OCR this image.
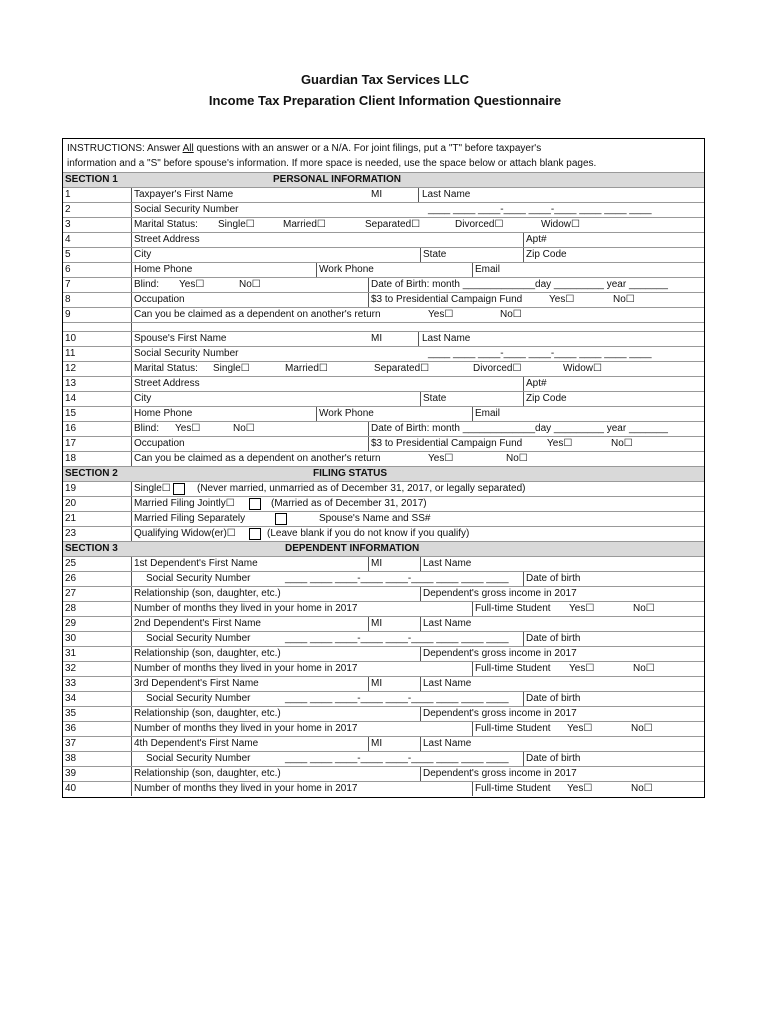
Guardian Tax Services LLC
Income Tax Preparation Client Information Questionnaire
INSTRUCTIONS: Answer All questions with an answer or a N/A. For joint filings, put a "T" before taxpayer's
information and a "S" before spouse's information. If more space is needed, use the space below or attach blank pages.
SECTION 1	PERSONAL INFORMATION
1	Taxpayer's First Name	MI	Last Name
2	Social Security Number	____ ____ ____-____ ____-____ ____ ____ ____
3	Marital Status: Single☐	Married☐	Separated☐	Divorced☐	Widow☐
4	Street Address	Apt#
5	City	State	Zip Code
6	Home Phone	Work Phone	Email
7	Blind: Yes☐	No☐	Date of Birth: month _____________day _________ year _______
8	Occupation	$3 to Presidential Campaign Fund	Yes☐	No☐
9	Can you be claimed as a dependent on another's return	Yes☐	No☐
10	Spouse's First Name	MI	Last Name
11	Social Security Number	____ ____ ____-____ ____-____ ____ ____ ____
12	Marital Status: Single☐	Married☐	Separated☐	Divorced☐	Widow☐
13	Street Address	Apt#
14	City	State	Zip Code
15	Home Phone	Work Phone	Email
16	Blind: Yes☐	No☐	Date of Birth: month _____________day _________ year _______
17	Occupation	$3 to Presidential Campaign Fund Yes☐	No☐
18	Can you be claimed as a dependent on another's return	Yes☐	No☐
SECTION 2	FILING STATUS
19	Single☐	(Never married, unmarried as of December 31, 2017, or legally separated)
20	Married Filing Jointly☐	(Married as of December 31, 2017)
21	Married Filing Separately	Spouse's Name and SS#
23	Qualifying Widow(er)☐	(Leave blank if you do not know if you qualify)
SECTION 3	DEPENDENT INFORMATION
25	1st Dependent's First Name	MI	Last Name
26	Social Security Number	____ ____ ____-____ ____-____ ____ ____ ____ Date of birth
27	Relationship (son, daughter, etc.)	Dependent's gross income in 2017
28	Number of months they lived in your home in 2017	Full-time Student Yes☐	No☐
29	2nd Dependent's First Name	MI	Last Name
30	Social Security Number	____ ____ ____-____ ____-____ ____ ____ ____ Date of birth
31	Relationship (son, daughter, etc.)	Dependent's gross income in 2017
32	Number of months they lived in your home in 2017	Full-time Student Yes☐	No☐
33	3rd Dependent's First Name	MI	Last Name
34	Social Security Number	____ ____ ____-____ ____-____ ____ ____ ____ Date of birth
35	Relationship (son, daughter, etc.)	Dependent's gross income in 2017
36	Number of months they lived in your home in 2017	Full-time Student Yes☐	No☐
37	4th Dependent's First Name	MI	Last Name
38	Social Security Number	____ ____ ____-____ ____-____ ____ ____ ____ Date of birth
39	Relationship (son, daughter, etc.)	Dependent's gross income in 2017
40	Number of months they lived in your home in 2017	Full-time Student Yes☐	No☐
